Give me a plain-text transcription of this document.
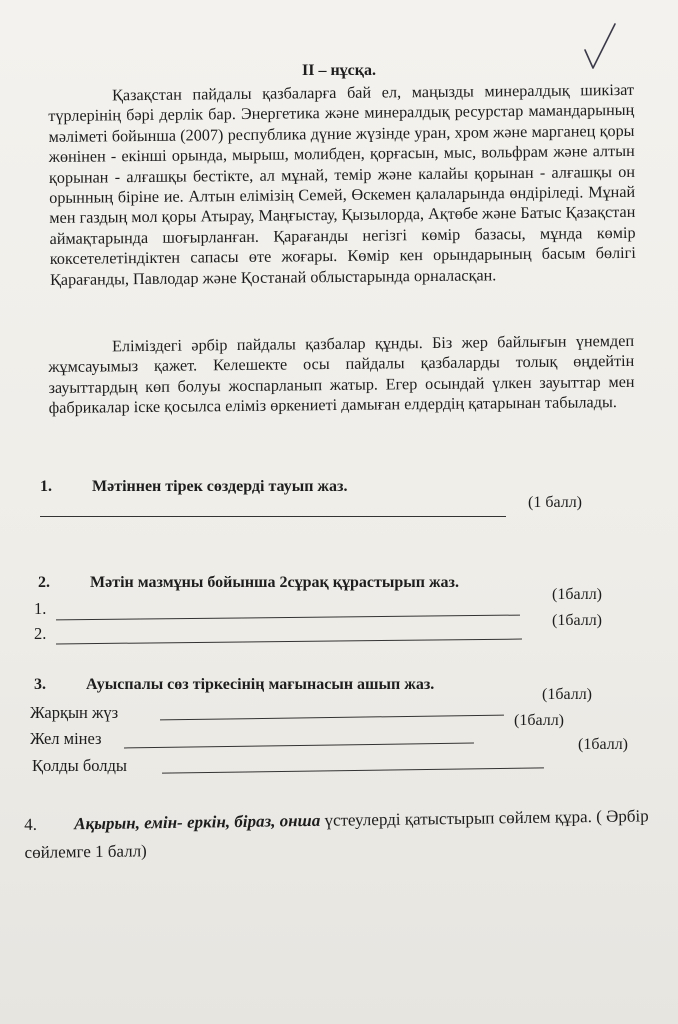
II – нұсқа.

Қазақстан пайдалы қазбаларға бай ел, маңызды минералдық шикізат түрлерінің бәрі дерлік бар. Энергетика және минералдық ресурстар мамандарының мәліметі бойынша (2007) республика дүние жүзінде уран, хром және марганец қоры жөнінен - екінші орында, мырыш, молибден, қорғасын, мыс, вольфрам және алтын қорынан - алғашқы бестікте, ал мұнай, темір және калайы қорынан - алғашқы он орынның біріне ие. Алтын елімізің Семей, Өскемен қалаларында өндіріледі. Мұнай мен газдың мол қоры Атырау, Маңғыстау, Қызылорда, Ақтөбе және Батыс Қазақстан аймақтарында шоғырланған. Қарағанды негізгі көмір базасы, мұнда көмір коксетелетіндіктен сапасы өте жоғары. Көмір кен орындарының басым бөлігі Қарағанды, Павлодар және Қостанай облыстарында орналасқан.

Еліміздегі әрбір пайдалы қазбалар құнды. Біз жер байлығын үнемдеп жұмсауымыз қажет. Келешекте осы пайдалы қазбаларды толық өңдейтін зауыттардың көп болуы жоспарланып жатыр. Егер осындай үлкен зауыттар мен фабрикалар іске қосылса еліміз өркениеті дамыған елдердің қатарынан табылады.

1.	Мәтіннен тірек сөздерді тауып жаз.
(1 балл)
2.	Мәтін мазмұны бойынша 2сұрақ құрастырып жаз.
1.
(1балл)
2.
(1балл)
3.	Ауыспалы сөз тіркесінің мағынасын ашып жаз.
Жарқын жүз
(1балл)
Жел мінез
(1балл)
Қолды болды
(1балл)
4. Ақырын, емін- еркін, біраз, онша үстеулерді қатыстырып сөйлем құра. ( Әрбір сөйлемге 1 балл)
